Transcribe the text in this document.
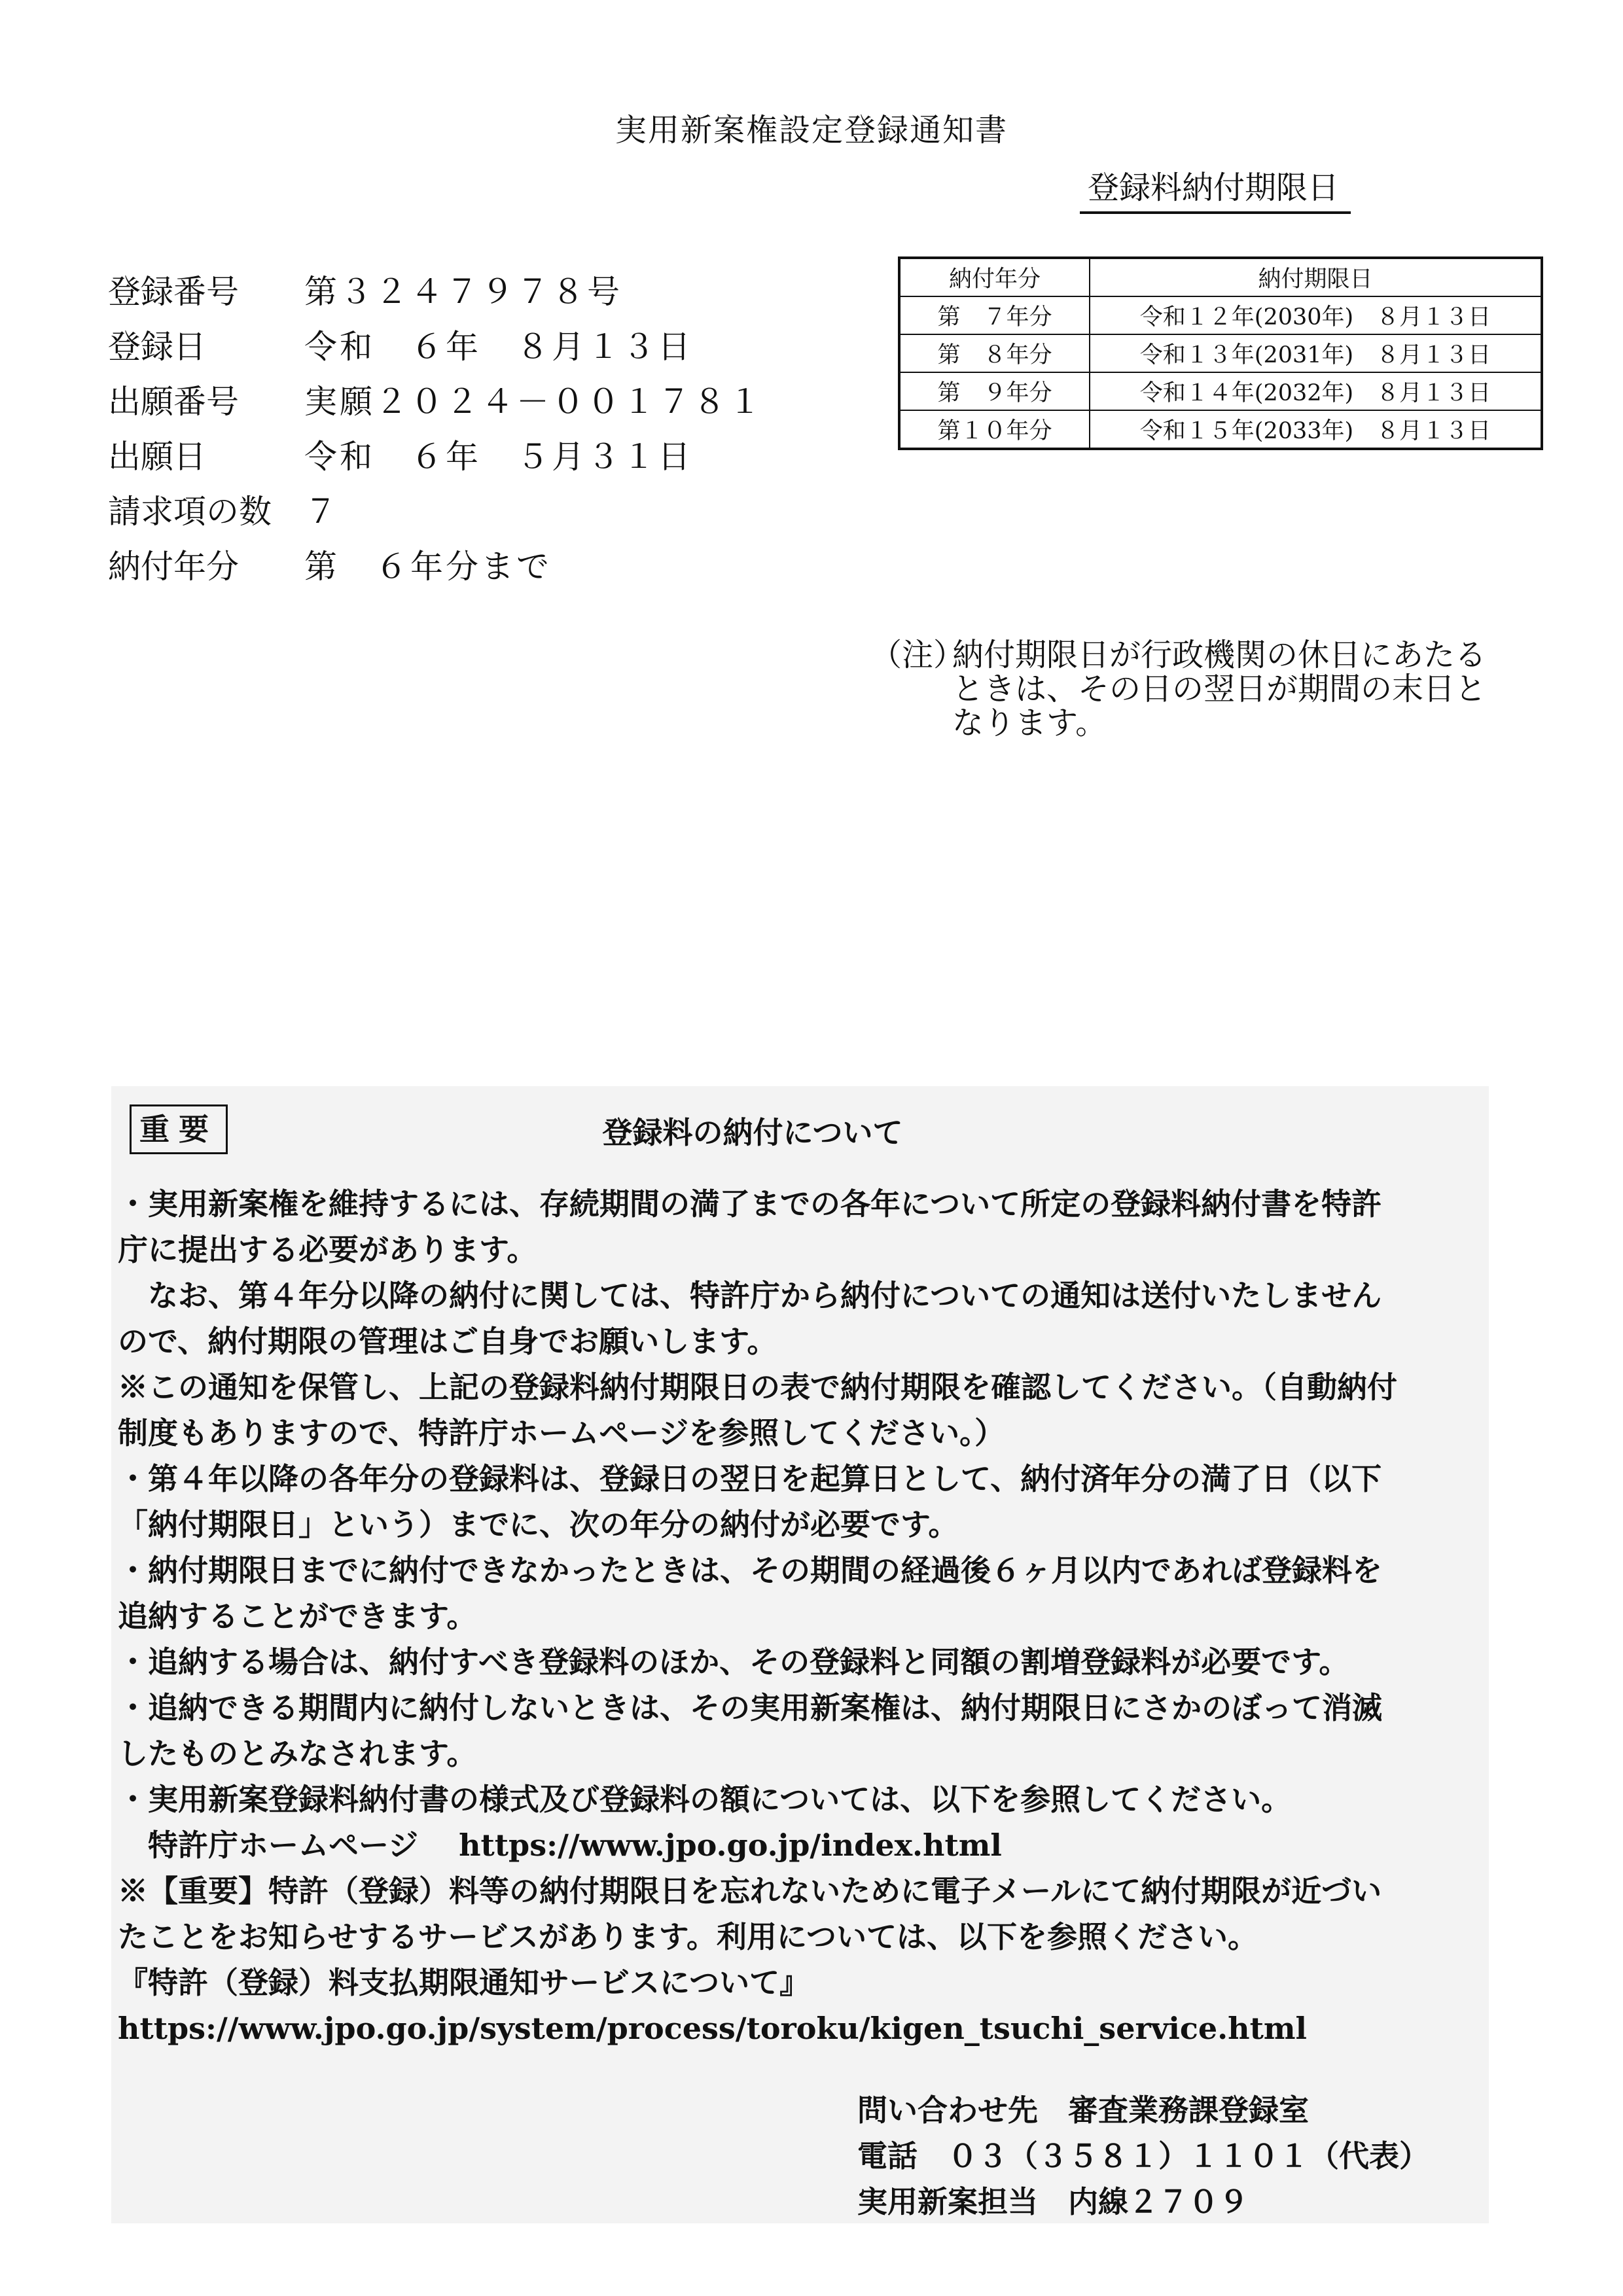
実用新案権設定登録通知書
登録料納付期限日
登録番号	第３２４７９７８号
登録日	令和　６年　８月１３日
出願番号	実願２０２４－００１７８１
出願日	令和　６年　５月３１日
請求項の数	７
納付年分	第　６年分まで
納付年分	納付期限日
第　７年分	令和１２年(2030年)　８月１３日
第　８年分	令和１３年(2031年)　８月１３日
第　９年分	令和１４年(2032年)　８月１３日
第１０年分	令和１５年(2033年)　８月１３日
（注）
納付期限日が行政機関の休日にあたる
ときは、その日の翌日が期間の末日と
なります。
重要	登録料の納付について
・実用新案権を維持するには、存続期間の満了までの各年について所定の登録料納付書を特許
庁に提出する必要があります。
　なお、第４年分以降の納付に関しては、特許庁から納付についての通知は送付いたしません
ので、納付期限の管理はご自身でお願いします。
※この通知を保管し、上記の登録料納付期限日の表で納付期限を確認してください。（自動納付
制度もありますので、特許庁ホームページを参照してください。）
・第４年以降の各年分の登録料は、登録日の翌日を起算日として、納付済年分の満了日（以下
「納付期限日」という）までに、次の年分の納付が必要です。
・納付期限日までに納付できなかったときは、その期間の経過後６ヶ月以内であれば登録料を
追納することができます。
・追納する場合は、納付すべき登録料のほか、その登録料と同額の割増登録料が必要です。
・追納できる期間内に納付しないときは、その実用新案権は、納付期限日にさかのぼって消滅
したものとみなされます。
・実用新案登録料納付書の様式及び登録料の額については、以下を参照してください。
　特許庁ホームページ　 https://www.jpo.go.jp/index.html
※【重要】特許（登録）料等の納付期限日を忘れないために電子メールにて納付期限が近づい
たことをお知らせするサービスがあります。利用については、以下を参照ください。
『特許（登録）料支払期限通知サービスについて』
https://www.jpo.go.jp/system/process/toroku/kigen_tsuchi_service.html
問い合わせ先　審査業務課登録室
電話　０３（３５８１）１１０１（代表）
実用新案担当　内線２７０９
